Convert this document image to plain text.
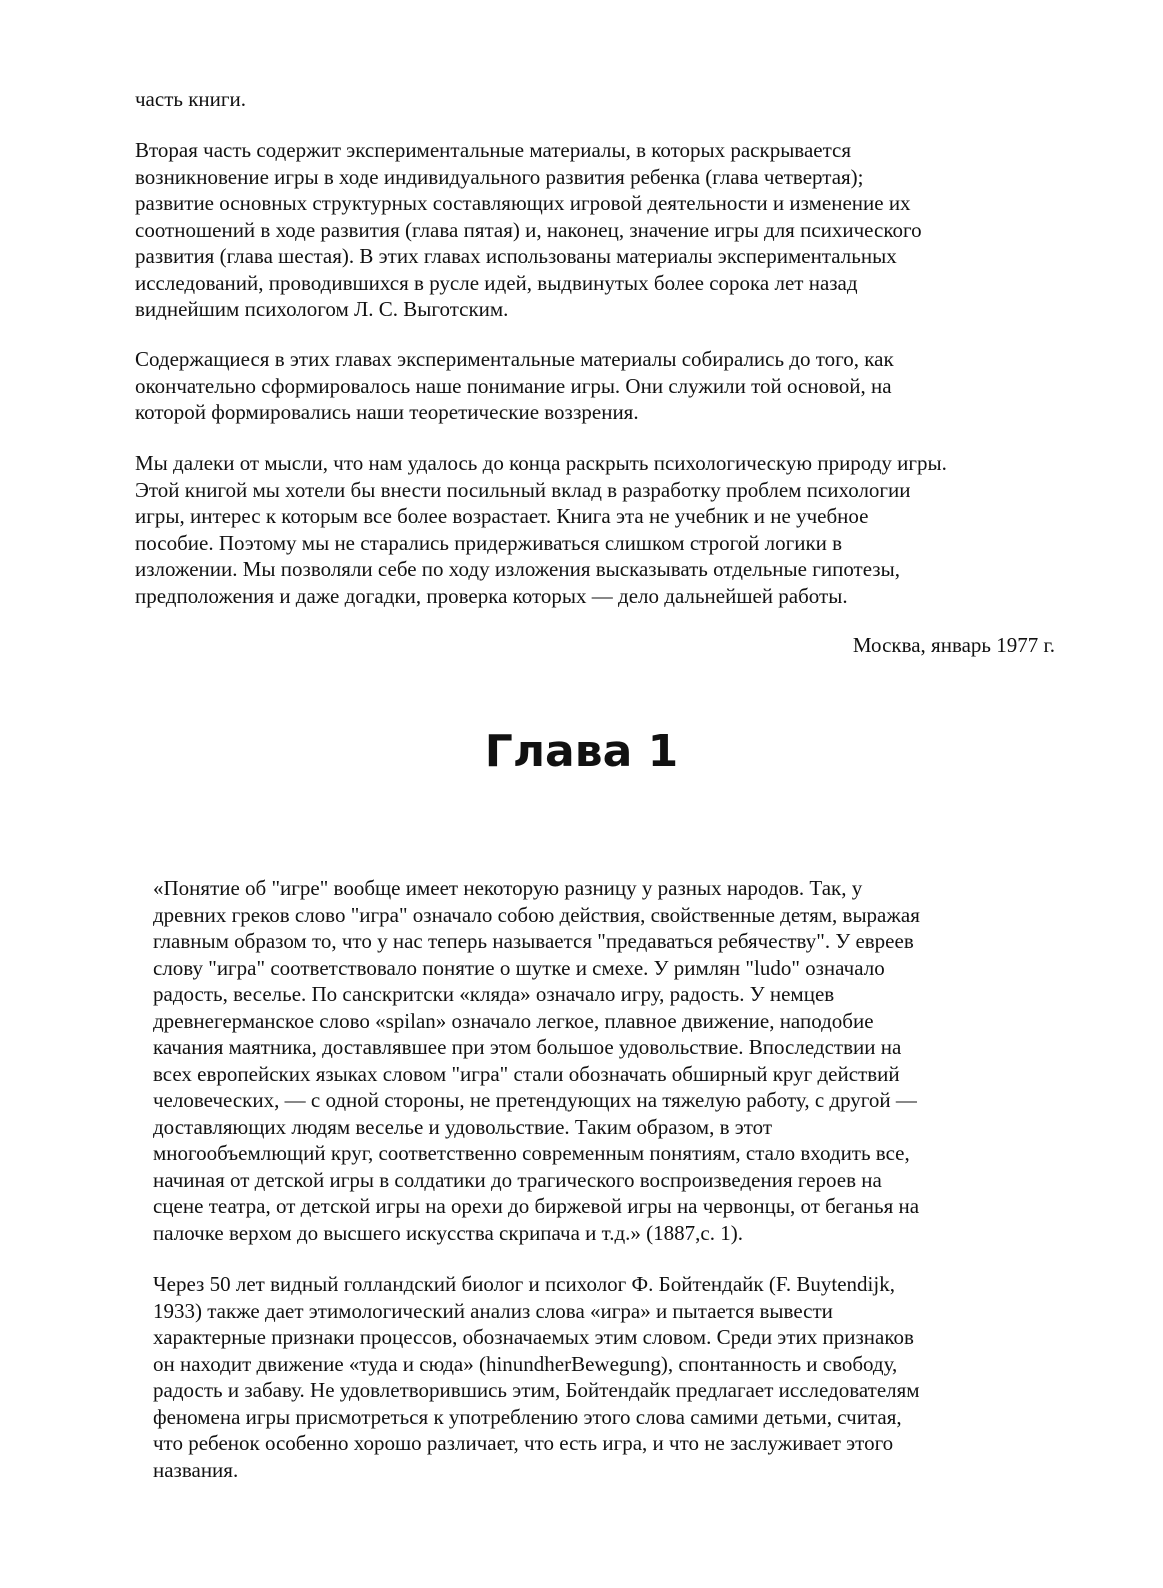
часть книги.

Вторая часть содержит экспериментальные материалы, в которых раскрывается
возникновение игры в ходе индивидуального развития ребенка (глава четвертая);
развитие основных структурных составляющих игровой деятельности и изменение их
соотношений в ходе развития (глава пятая) и, наконец, значение игры для психического
развития (глава шестая). В этих главах использованы материалы экспериментальных
исследований, проводившихся в русле идей, выдвинутых более сорока лет назад
виднейшим психологом Л. С. Выготским.

Содержащиеся в этих главах экспериментальные материалы собирались до того, как
окончательно сформировалось наше понимание игры. Они служили той основой, на
которой формировались наши теоретические воззрения.

Мы далеки от мысли, что нам удалось до конца раскрыть психологическую природу игры.
Этой книгой мы хотели бы внести посильный вклад в разработку проблем психологии
игры, интерес к которым все более возрастает. Книга эта не учебник и не учебное
пособие. Поэтому мы не старались придерживаться слишком строгой логики в
изложении. Мы позволяли себе по ходу изложения высказывать отдельные гипотезы,
предположения и даже догадки, проверка которых — дело дальнейшей работы.

Москва, январь 1977 г.
Глава 1

«Понятие об "игре" вообще имеет некоторую разницу у разных народов. Так, у
древних греков слово "игра" означало собою действия, свойственные детям, выражая
главным образом то, что у нас теперь называется "предаваться ребячеству". У евреев
слову "игра" соответствовало понятие о шутке и смехе. У римлян "ludo" означало
радость, веселье. По санскритски «кляда» означало игру, радость. У немцев
древнегерманское слово «spilan» означало легкое, плавное движение, наподобие
качания маятника, доставлявшее при этом большое удовольствие. Впоследствии на
всех европейских языках словом "игра" стали обозначать обширный круг действий
человеческих, — с одной стороны, не претендующих на тяжелую работу, с другой —
доставляющих людям веселье и удовольствие. Таким образом, в этот
многообъемлющий круг, соответственно современным понятиям, стало входить все,
начиная от детской игры в солдатики до трагического воспроизведения героев на
сцене театра, от детской игры на орехи до биржевой игры на червонцы, от беганья на
палочке верхом до высшего искусства скрипача и т.д.» (1887,с. 1).

Через 50 лет видный голландский биолог и психолог Ф. Бойтендайк (F. Buytendijk,
1933) также дает этимологический анализ слова «игра» и пытается вывести
характерные признаки процессов, обозначаемых этим словом. Среди этих признаков
он находит движение «туда и сюда» (hinundherBewegung), спонтанность и свободу,
радость и забаву. Не удовлетворившись этим, Бойтендайк предлагает исследователям
феномена игры присмотреться к употреблению этого слова самими детьми, считая,
что ребенок особенно хорошо различает, что есть игра, и что не заслуживает этого
названия.
